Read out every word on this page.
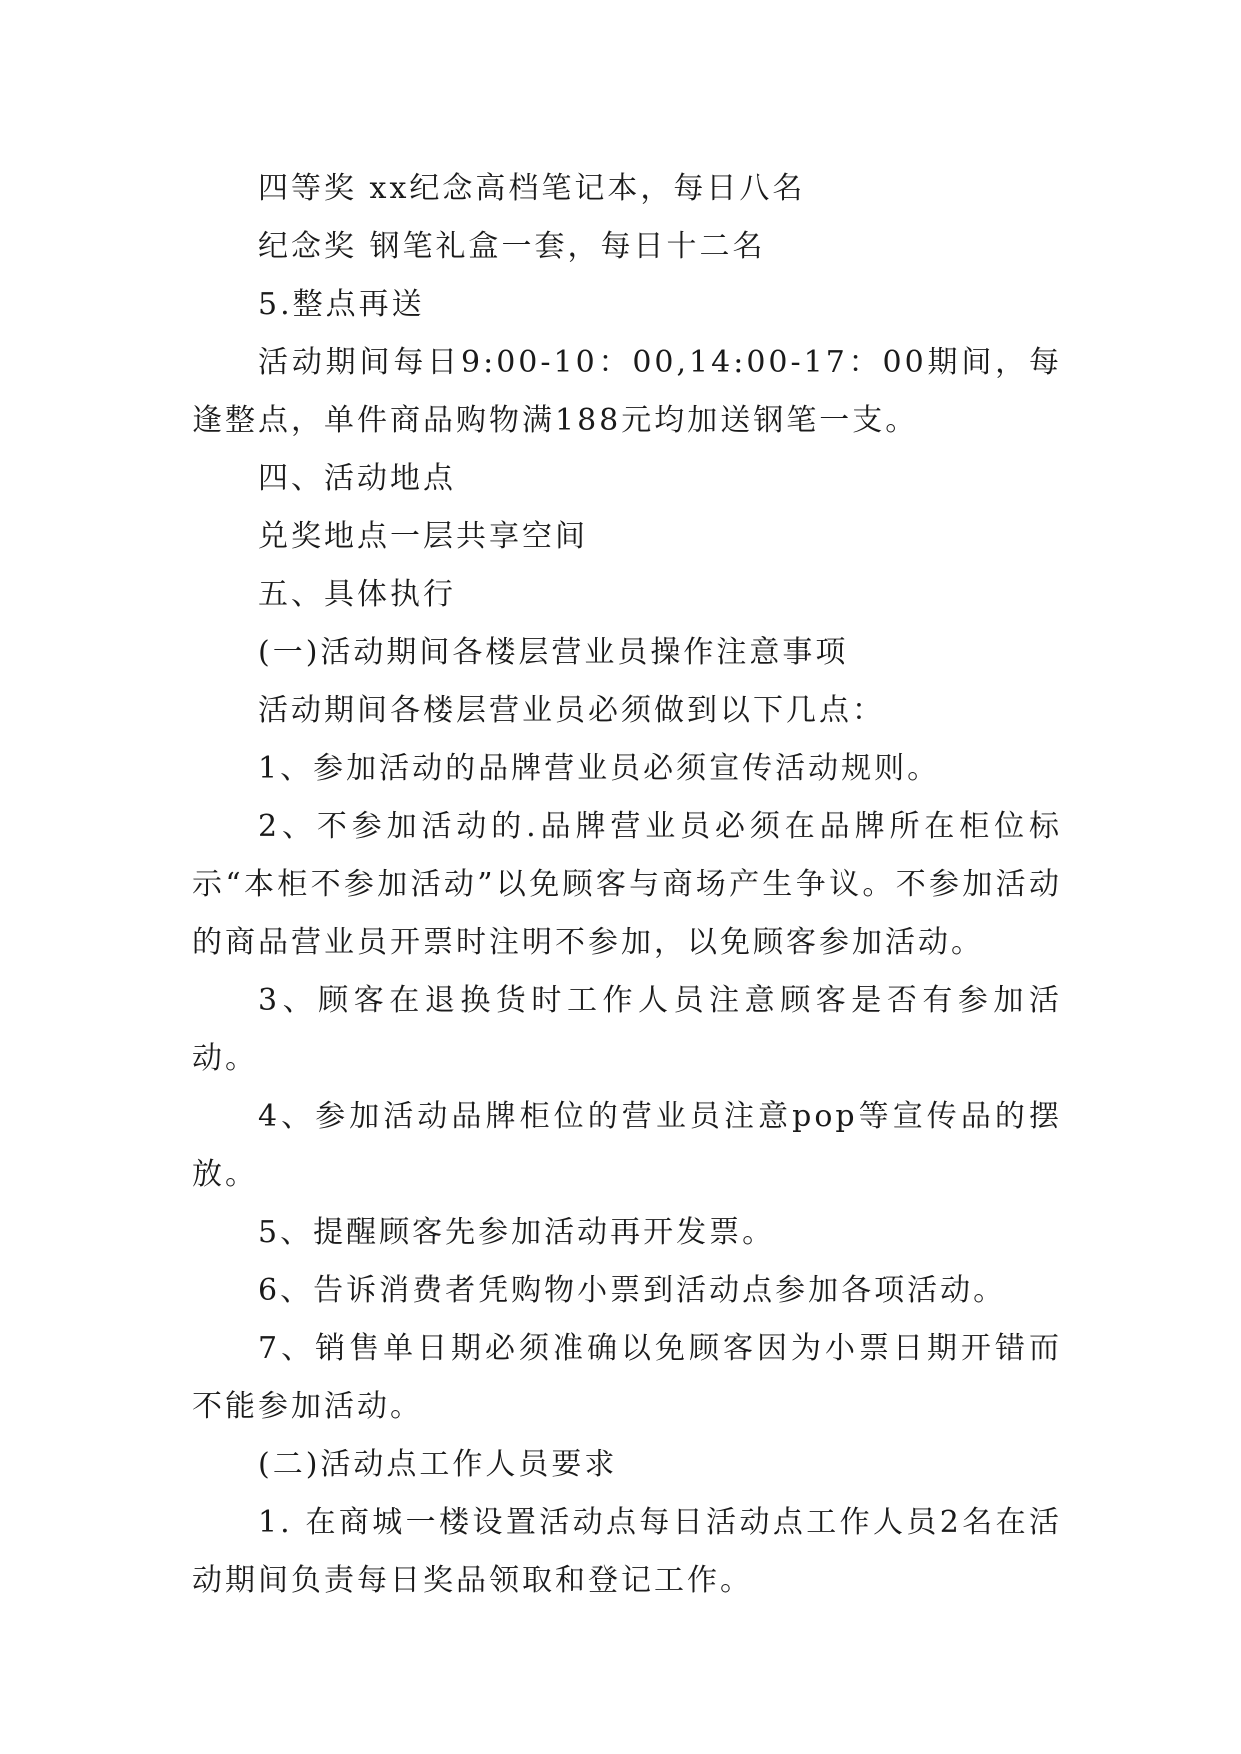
四等奖 xx纪念高档笔记本，每日八名

纪念奖 钢笔礼盒一套，每日十二名

5.整点再送

活动期间每日9:00-10：00,14:00-17：00期间，每逢整点，单件商品购物满188元均加送钢笔一支。

四、活动地点

兑奖地点一层共享空间

五、具体执行

(一)活动期间各楼层营业员操作注意事项

活动期间各楼层营业员必须做到以下几点：

1、参加活动的品牌营业员必须宣传活动规则。

2、不参加活动的.品牌营业员必须在品牌所在柜位标示“本柜不参加活动”以免顾客与商场产生争议。不参加活动的商品营业员开票时注明不参加，以免顾客参加活动。

3、顾客在退换货时工作人员注意顾客是否有参加活动。

4、参加活动品牌柜位的营业员注意pop等宣传品的摆放。

5、提醒顾客先参加活动再开发票。

6、告诉消费者凭购物小票到活动点参加各项活动。

7、销售单日期必须准确以免顾客因为小票日期开错而不能参加活动。

(二)活动点工作人员要求

1. 在商城一楼设置活动点每日活动点工作人员2名在活动期间负责每日奖品领取和登记工作。
